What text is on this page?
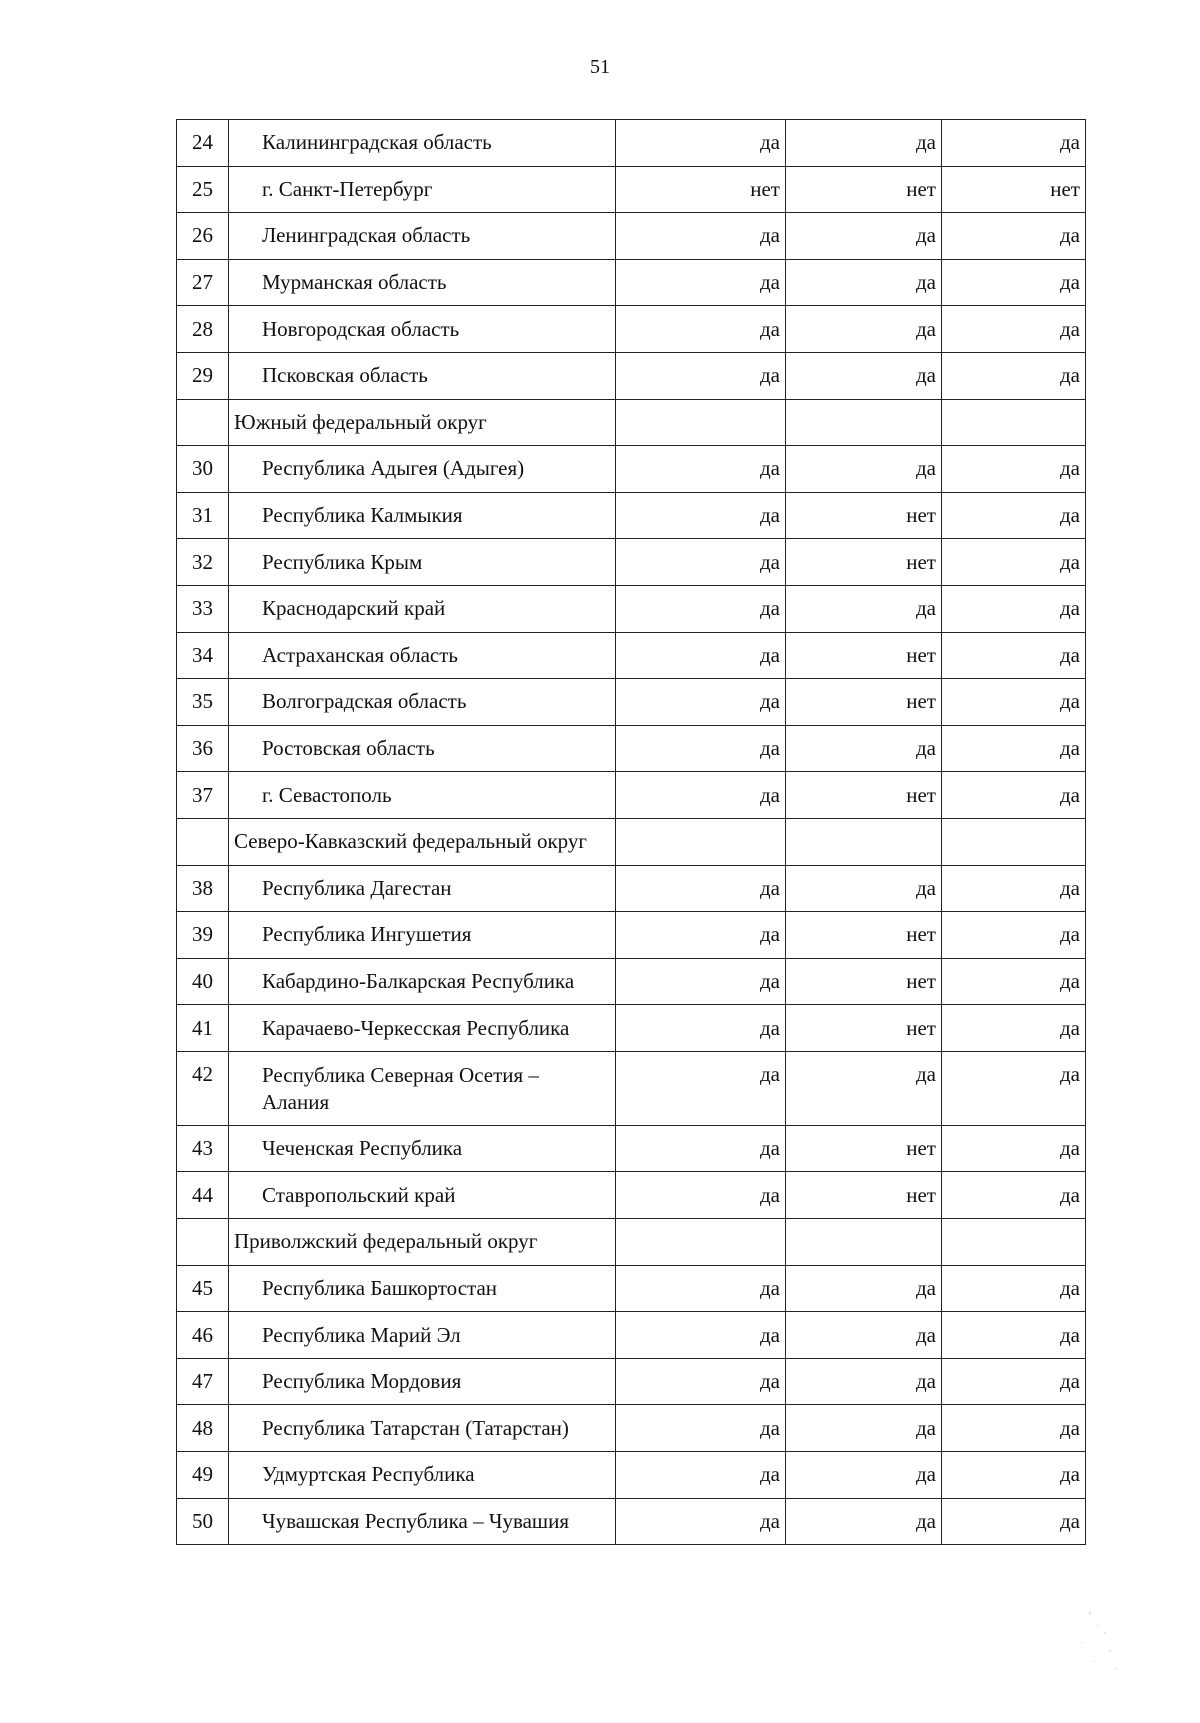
51
24	Калининградская область	да	да	да
25	г. Санкт-Петербург	нет	нет	нет
26	Ленинградская область	да	да	да
27	Мурманская область	да	да	да
28	Новгородская область	да	да	да
29	Псковская область	да	да	да
	Южный федеральный округ			
30	Республика Адыгея (Адыгея)	да	да	да
31	Республика Калмыкия	да	нет	да
32	Республика Крым	да	нет	да
33	Краснодарский край	да	да	да
34	Астраханская область	да	нет	да
35	Волгоградская область	да	нет	да
36	Ростовская область	да	да	да
37	г. Севастополь	да	нет	да
	Северо-Кавказский федеральный округ			
38	Республика Дагестан	да	да	да
39	Республика Ингушетия	да	нет	да
40	Кабардино-Балкарская Республика	да	нет	да
41	Карачаево-Черкесская Республика	да	нет	да
42	Республика Северная Осетия – Алания	да	да	да
43	Чеченская Республика	да	нет	да
44	Ставропольский край	да	нет	да
	Приволжский федеральный округ			
45	Республика Башкортостан	да	да	да
46	Республика Марий Эл	да	да	да
47	Республика Мордовия	да	да	да
48	Республика Татарстан (Татарстан)	да	да	да
49	Удмуртская Республика	да	да	да
50	Чувашская Республика – Чувашия	да	да	да
